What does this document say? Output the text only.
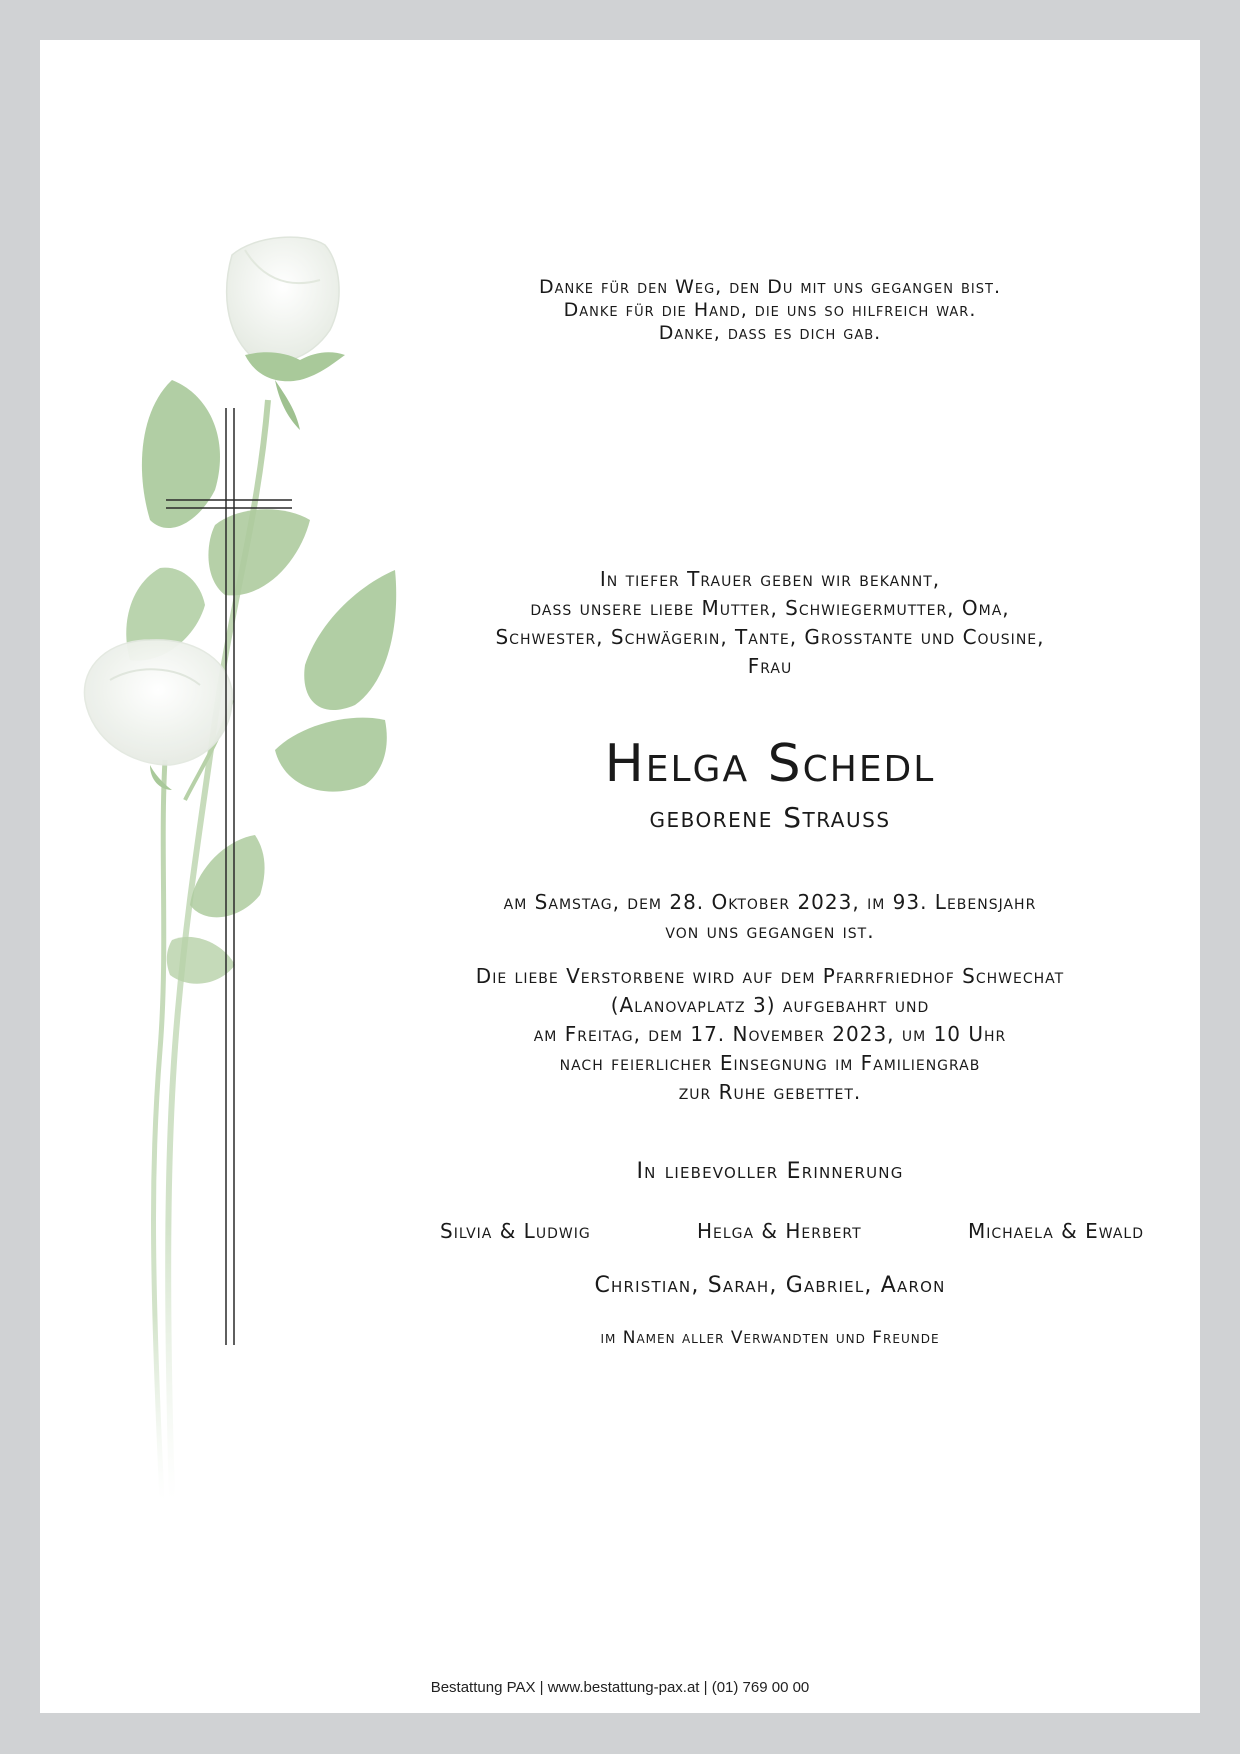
Danke für den Weg, den Du mit uns gegangen bist.
Danke für die Hand, die uns so hilfreich war.
Danke, dass es dich gab.
In tiefer Trauer geben wir bekannt,
dass unsere liebe Mutter, Schwiegermutter, Oma,
Schwester, Schwägerin, Tante, Grosstante und Cousine,
Frau
Helga Schedl
geborene Strauss
am Samstag, dem 28. Oktober 2023, im 93. Lebensjahr
von uns gegangen ist.
Die liebe Verstorbene wird auf dem Pfarrfriedhof Schwechat
(Alanovaplatz 3) aufgebahrt und
am Freitag, dem 17. November 2023, um 10 Uhr
nach feierlicher Einsegnung im Familiengrab
zur Ruhe gebettet.
In liebevoller Erinnerung
Silvia & Ludwig	Helga & Herbert	Michaela & Ewald
Christian, Sarah, Gabriel, Aaron
im Namen aller Verwandten und Freunde
Bestattung PAX | www.bestattung-pax.at | (01) 769 00 00
